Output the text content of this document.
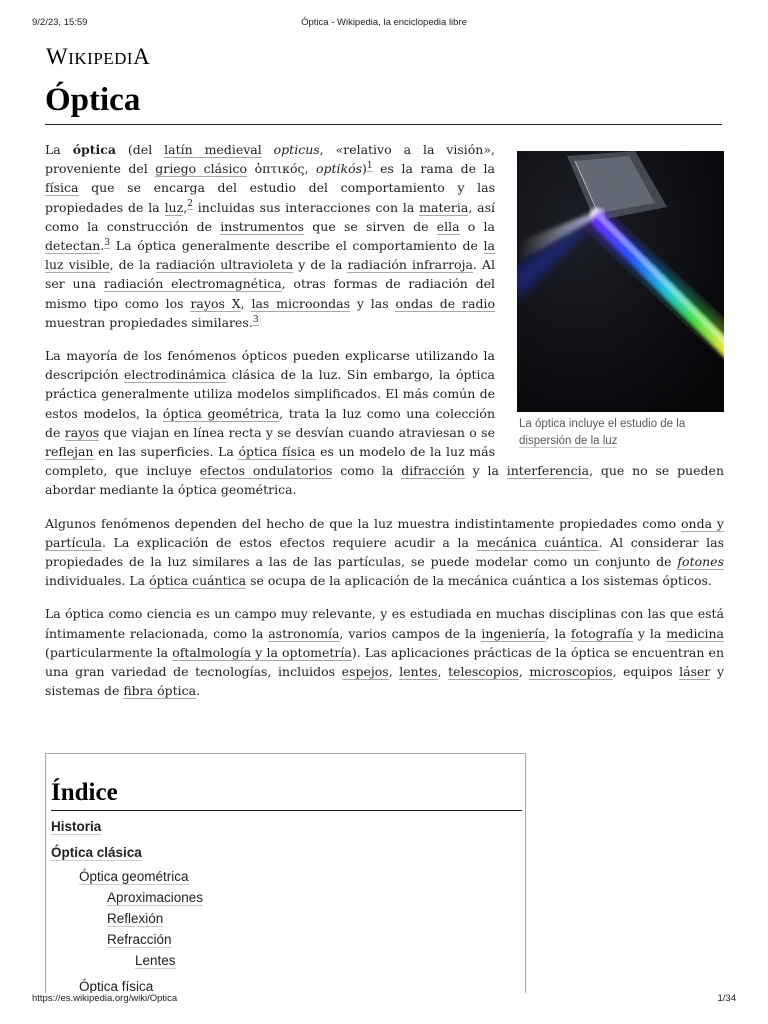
9/2/23, 15:59	Óptica - Wikipedia, la enciclopedia libre
WIKIPEDIA
Óptica
La óptica incluye el estudio de la dispersión de la luz

La óptica (del latín medieval opticus, «relativo a la visión», proveniente del griego clásico ὀπτικός, optikós)$^1$ es la rama de la física que se encarga del estudio del comportamiento y las propiedades de la luz,$^2$ incluidas sus interacciones con la materia, así como la construcción de instrumentos que se sirven de ella o la detectan.$^3$ La óptica generalmente describe el comportamiento de la luz visible, de la radiación ultravioleta y de la radiación infrarroja. Al ser una radiación electromagnética, otras formas de radiación del mismo tipo como los rayos X, las microondas y las ondas de radio muestran propiedades similares.$^3$

La mayoría de los fenómenos ópticos pueden explicarse utilizando la descripción electrodinámica clásica de la luz. Sin embargo, la óptica práctica generalmente utiliza modelos simplificados. El más común de estos modelos, la óptica geométrica, trata la luz como una colección de rayos que viajan en línea recta y se desvían cuando atraviesan o se reflejan en las superficies. La óptica física es un modelo de la luz más completo, que incluye efectos ondulatorios como la difracción y la interferencia, que no se pueden abordar mediante la óptica geométrica.

Algunos fenómenos dependen del hecho de que la luz muestra indistintamente propiedades como onda y partícula. La explicación de estos efectos requiere acudir a la mecánica cuántica. Al considerar las propiedades de la luz similares a las de las partículas, se puede modelar como un conjunto de fotones individuales. La óptica cuántica se ocupa de la aplicación de la mecánica cuántica a los sistemas ópticos.

La óptica como ciencia es un campo muy relevante, y es estudiada en muchas disciplinas con las que está íntimamente relacionada, como la astronomía, varios campos de la ingeniería, la fotografía y la medicina (particularmente la oftalmología y la optometría). Las aplicaciones prácticas de la óptica se encuentran en una gran variedad de tecnologías, incluidos espejos, lentes, telescopios, microscopios, equipos láser y sistemas de fibra óptica.

Índice
Historia
Óptica clásica
Óptica geométrica
Aproximaciones
Reflexión
Refracción
Lentes
Óptica física
https://es.wikipedia.org/wiki/Optica	1/34
